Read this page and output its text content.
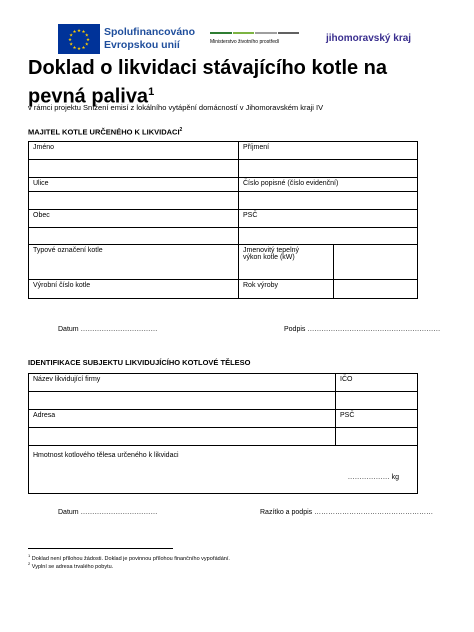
★ ★
★
★
★
★
★
★
★
★
★
★	Spolufinancováno
Evropskou unií	Ministerstvo životního prostředí	jihomoravský kraj
Doklad o likvidaci stávajícího kotle na pevná paliva$^1$
v rámci projektu Snížení emisí z lokálního vytápění domácností v Jihomoravském kraji IV
MAJITEL KOTLE URČENÉHO K LIKVIDACI$^2$
Jméno	Příjmení	

Ulice	Číslo popisné (číslo evidenční)	

Obec	PSČ	

Typové označení kotle	Jmenovitý tepelný
výkon kotle (kW)	

Výrobní číslo kotle	Rok výroby	
Datum ……………………………	Podpis …………………………………………………
IDENTIFIKACE SUBJEKTU LIKVIDUJÍCÍHO KOTLOVÉ TĚLESO
Název likvidující firmy	IČO

Adresa	PSČ

Hmotnost kotlového tělesa určeného k likvidaci
……………… kg	
Datum ……………………………	Razítko a podpis ……………………………………………
$^1$ Doklad není přílohou žádosti. Doklad je povinnou přílohou finančního vypořádání.
$^2$ Vyplní se adresa trvalého pobytu.
